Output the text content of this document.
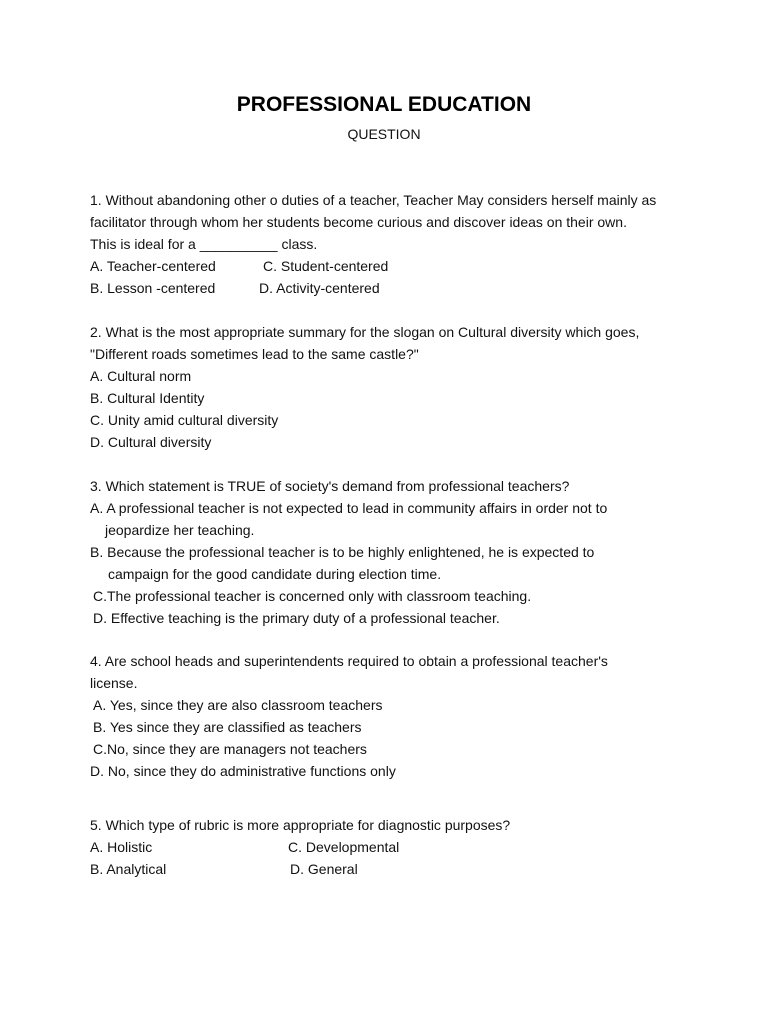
PROFESSIONAL EDUCATION
QUESTION
1. Without abandoning other o duties of a teacher, Teacher May considers herself mainly as
facilitator through whom her students become curious and discover ideas on their own.
This is ideal for a __________ class.
A. Teacher-centered	C. Student-centered
B. Lesson -centered	D. Activity-centered
2. What is the most appropriate summary for the slogan on Cultural diversity which goes,
"Different roads sometimes lead to the same castle?"
A. Cultural norm
B. Cultural Identity
C. Unity amid cultural diversity
D. Cultural diversity
3. Which statement is TRUE of society's demand from professional teachers?
A. A professional teacher is not expected to lead in community affairs in order not to
jeopardize her teaching.
B. Because the professional teacher is to be highly enlightened, he is expected to
campaign for the good candidate during election time.
C.The professional teacher is concerned only with classroom teaching.
D. Effective teaching is the primary duty of a professional teacher.
4. Are school heads and superintendents required to obtain a professional teacher's
license.
A. Yes, since they are also classroom teachers
B. Yes since they are classified as teachers
C.No, since they are managers not teachers
D. No, since they do administrative functions only
5. Which type of rubric is more appropriate for diagnostic purposes?
A. Holistic	C. Developmental
B. Analytical	D. General
